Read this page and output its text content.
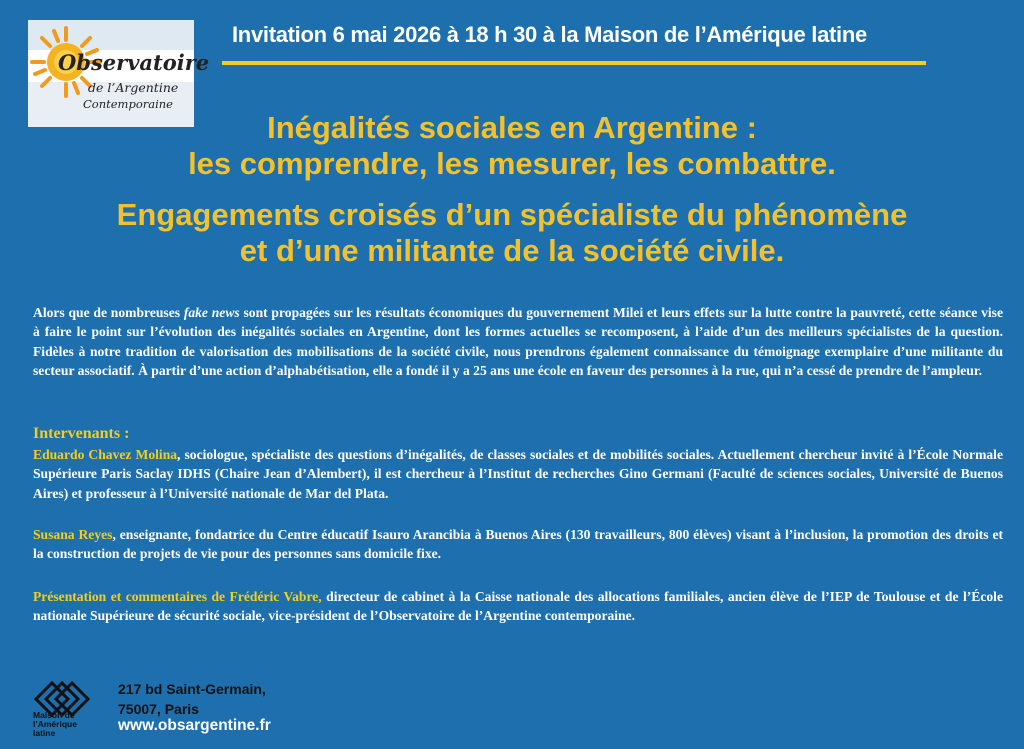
Observatoire
de l’Argentine
Contemporaine
Invitation 6 mai 2026 à 18 h 30 à la Maison de l’Amérique latine
Inégalités sociales en Argentine :
les comprendre, les mesurer, les combattre.
Engagements croisés d’un spécialiste du phénomène
et d’une militante de la société civile.
Alors que de nombreuses fake news sont propagées sur les résultats économiques du gouvernement Milei et leurs effets sur la lutte contre la pauvreté, cette séance vise à faire le point sur l’évolution des inégalités sociales en Argentine, dont les formes actuelles se recomposent, à l’aide d’un des meilleurs spécialistes de la question. Fidèles à notre tradition de valorisation des mobilisations de la société civile, nous prendrons également connaissance du témoignage exemplaire d’une militante du secteur associatif. À partir d’une action d’alphabétisation, elle a fondé il y a 25 ans une école en faveur des personnes à la rue, qui n’a cessé de prendre de l’ampleur.
Intervenants :
Eduardo Chavez Molina, sociologue, spécialiste des questions d’inégalités, de classes sociales et de mobilités sociales. Actuellement chercheur invité à l’École Normale Supérieure Paris Saclay IDHS (Chaire Jean d’Alembert), il est chercheur à l’Institut de recherches Gino Germani (Faculté de sciences sociales, Université de Buenos Aires) et professeur à l’Université nationale de Mar del Plata.
Susana Reyes, enseignante, fondatrice du Centre éducatif Isauro Arancibia à Buenos Aires (130 travailleurs, 800 élèves) visant à l’inclusion, la promotion des droits et la construction de projets de vie pour des personnes sans domicile fixe.
Présentation et commentaires de Frédéric Vabre, directeur de cabinet à la Caisse nationale des allocations familiales, ancien élève de l’IEP de Toulouse et de l’École nationale Supérieure de sécurité sociale, vice-président de l’Observatoire de l’Argentine contemporaine.
Maison de
l’Amérique
latine
217 bd Saint-Germain,
75007, Paris
www.obsargentine.fr
